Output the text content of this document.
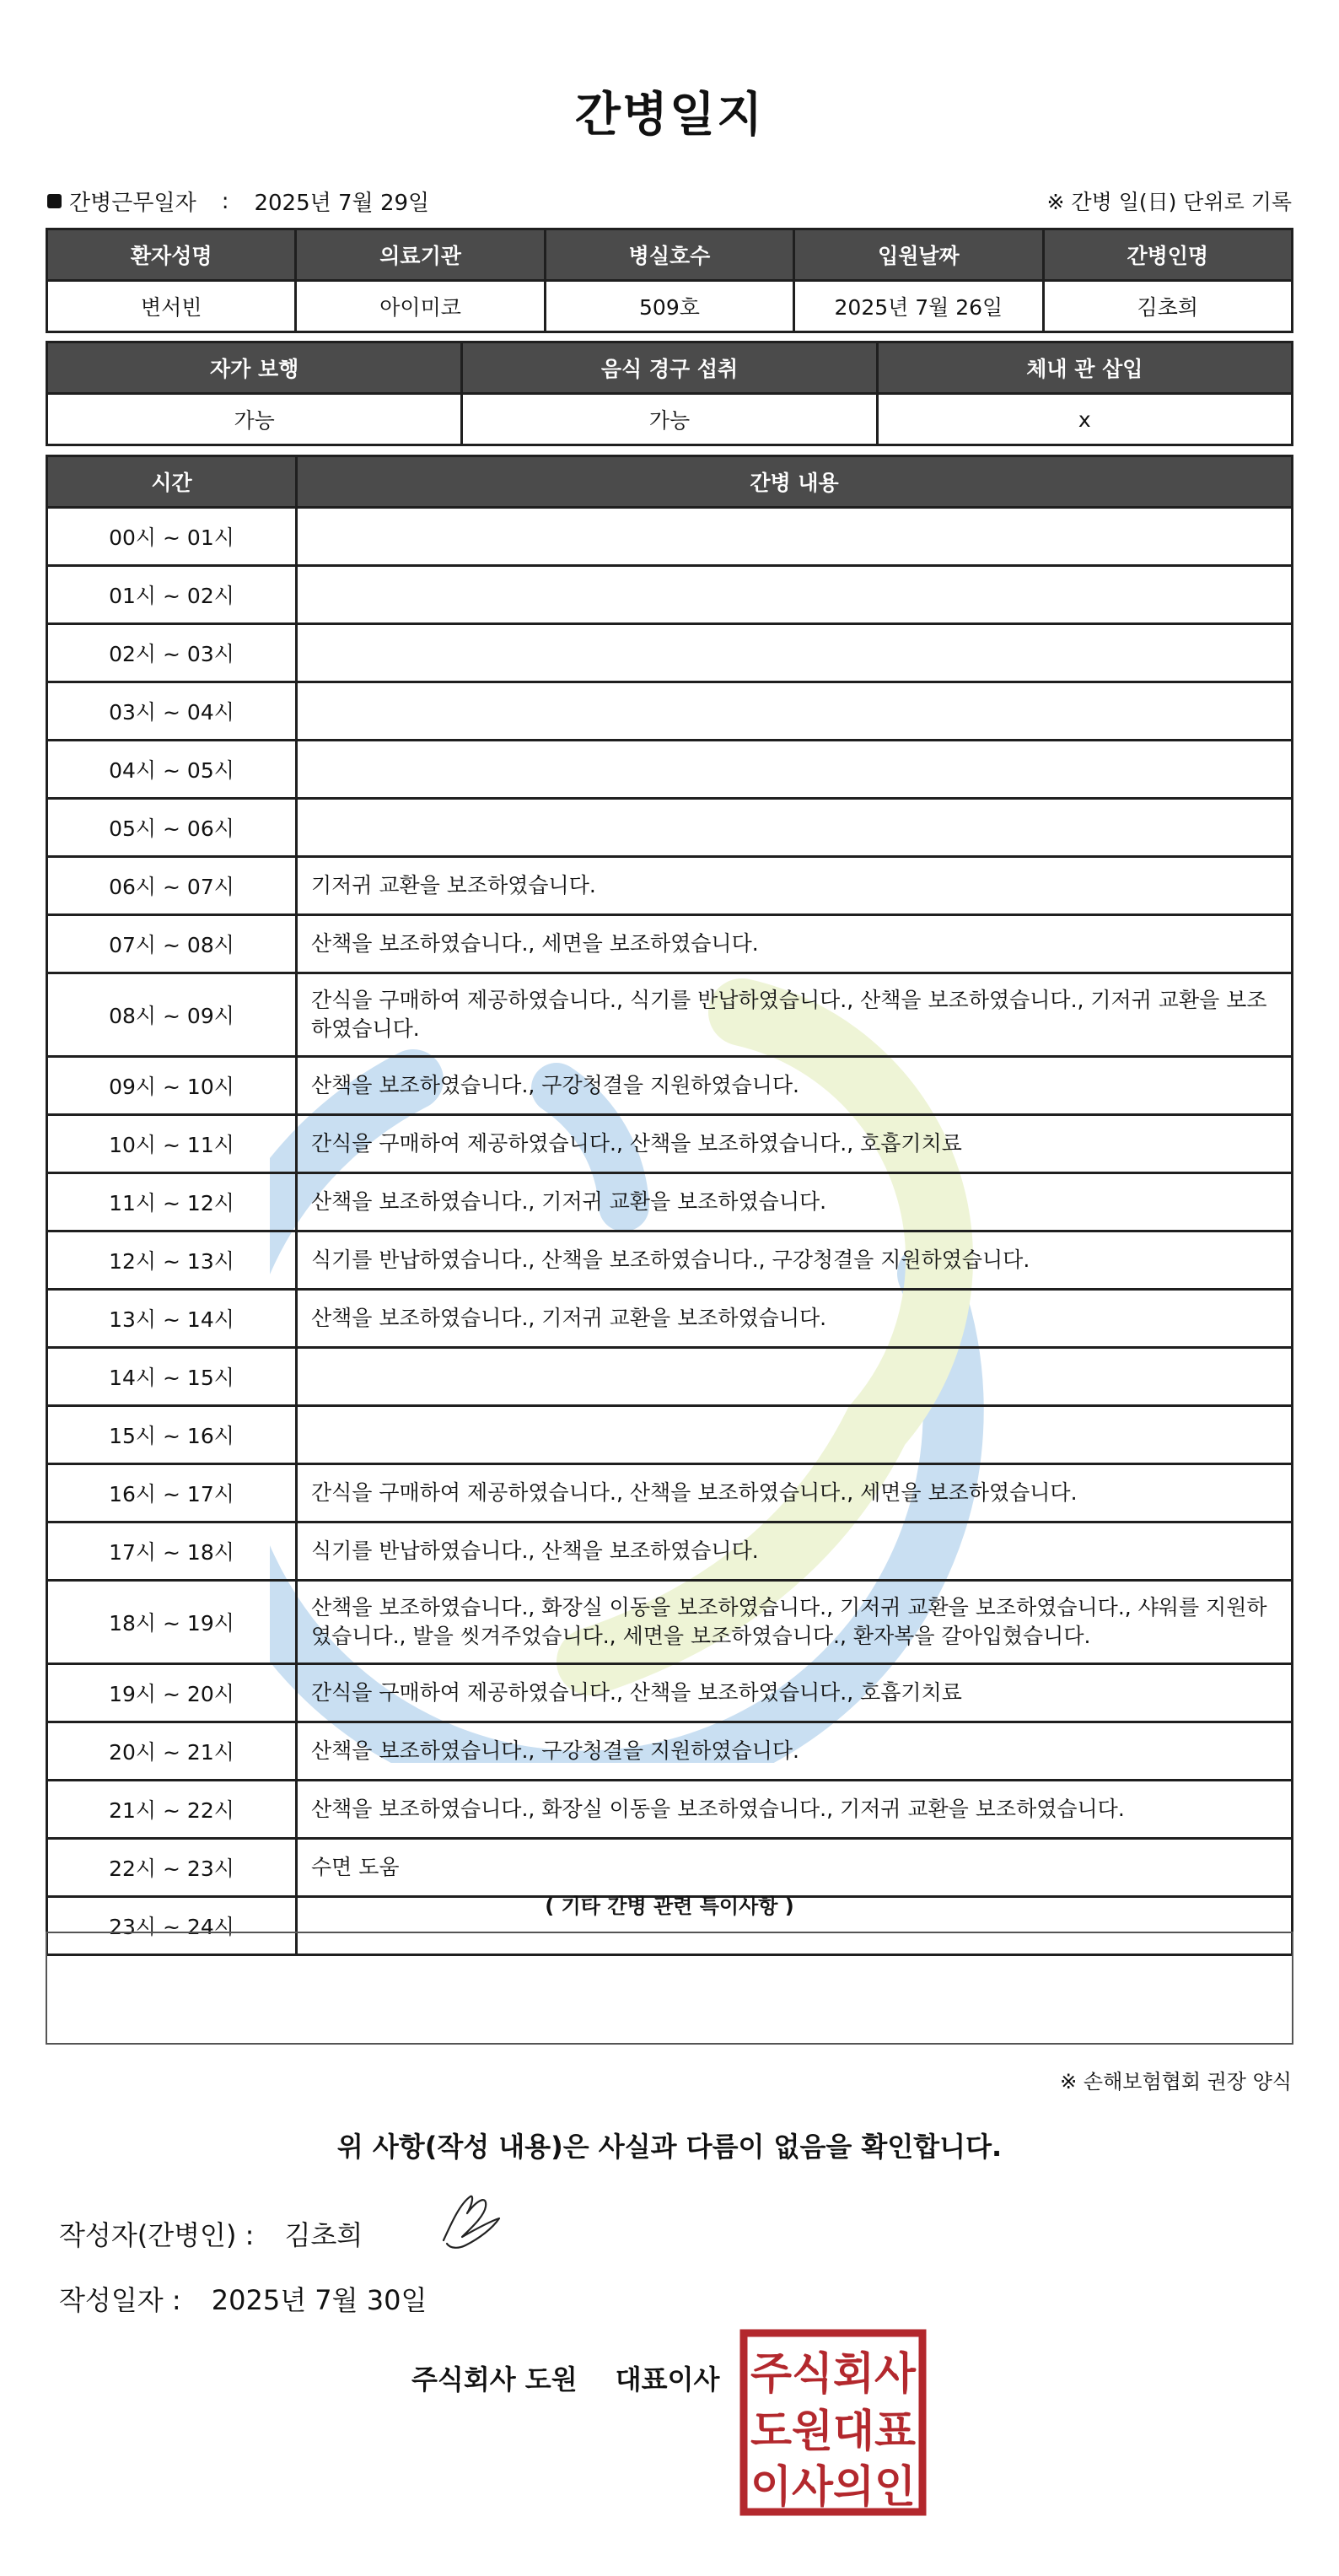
간병일지
간병근무일자 : 2025년 7월 29일	※ 간병 일(日) 단위로 기록
환자성명	의료기관	병실호수	입원날짜	간병인명
변서빈	아이미코	509호	2025년 7월 26일	김초희
자가 보행	음식 경구 섭취	체내 관 삽입
가능	가능	x
시간	간병 내용
00시 ~ 01시	
01시 ~ 02시	
02시 ~ 03시	
03시 ~ 04시	
04시 ~ 05시	
05시 ~ 06시	
06시 ~ 07시	기저귀 교환을 보조하였습니다.
07시 ~ 08시	산책을 보조하였습니다., 세면을 보조하였습니다.
08시 ~ 09시	간식을 구매하여 제공하였습니다., 식기를 반납하였습니다., 산책을 보조하였습니다., 기저귀 교환을 보조하였습니다.
09시 ~ 10시	산책을 보조하였습니다., 구강청결을 지원하였습니다.
10시 ~ 11시	간식을 구매하여 제공하였습니다., 산책을 보조하였습니다., 호흡기치료
11시 ~ 12시	산책을 보조하였습니다., 기저귀 교환을 보조하였습니다.
12시 ~ 13시	식기를 반납하였습니다., 산책을 보조하였습니다., 구강청결을 지원하였습니다.
13시 ~ 14시	산책을 보조하였습니다., 기저귀 교환을 보조하였습니다.
14시 ~ 15시	
15시 ~ 16시	
16시 ~ 17시	간식을 구매하여 제공하였습니다., 산책을 보조하였습니다., 세면을 보조하였습니다.
17시 ~ 18시	식기를 반납하였습니다., 산책을 보조하였습니다.
18시 ~ 19시	산책을 보조하였습니다., 화장실 이동을 보조하였습니다., 기저귀 교환을 보조하였습니다., 샤워를 지원하였습니다., 발을 씻겨주었습니다., 세면을 보조하였습니다., 환자복을 갈아입혔습니다.
19시 ~ 20시	간식을 구매하여 제공하였습니다., 산책을 보조하였습니다., 호흡기치료
20시 ~ 21시	산책을 보조하였습니다., 구강청결을 지원하였습니다.
21시 ~ 22시	산책을 보조하였습니다., 화장실 이동을 보조하였습니다., 기저귀 교환을 보조하였습니다.
22시 ~ 23시	수면 도움
23시 ~ 24시	
( 기타 간병 관련 특이사항 )
※ 손해보험협회 권장 양식
위 사항(작성 내용)은 사실과 다름이 없음을 확인합니다.
작성자(간병인) : 김초희
작성일자 : 2025년 7월 30일
주식회사 도원 대표이사 주식회사
도원대표
이사의인
